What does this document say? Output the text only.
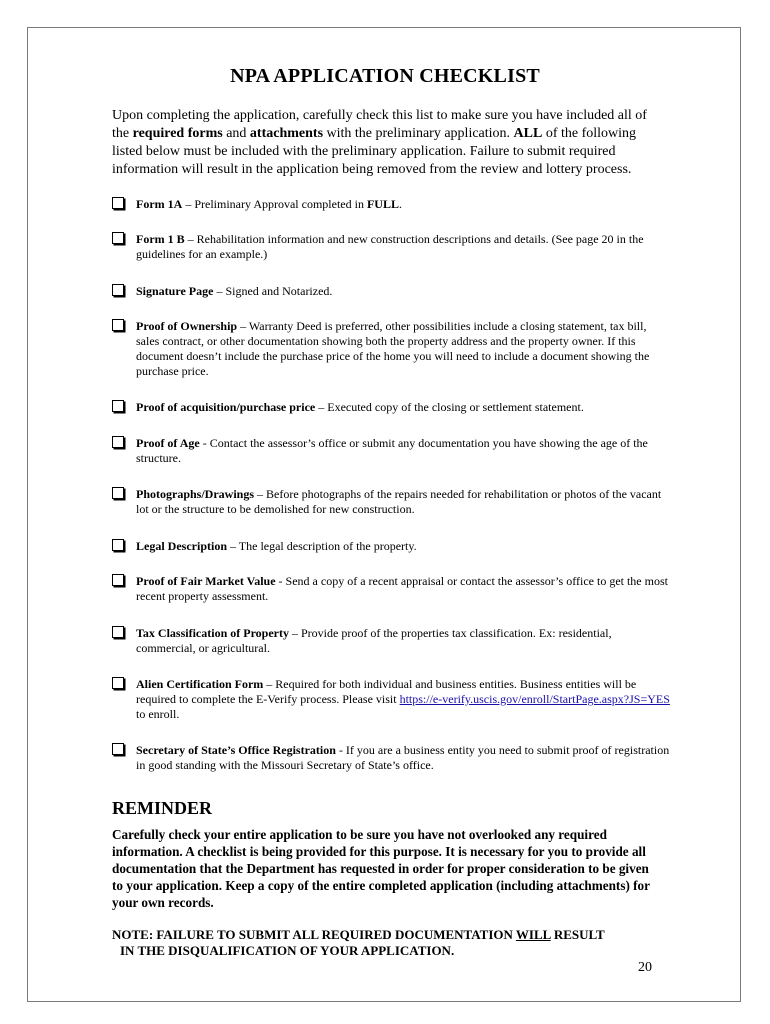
NPA APPLICATION CHECKLIST
Upon completing the application, carefully check this list to make sure you have included all of the required forms and attachments with the preliminary application. ALL of the following listed below must be included with the preliminary application. Failure to submit required information will result in the application being removed from the review and lottery process.
Form 1A – Preliminary Approval completed in FULL.
Form 1 B – Rehabilitation information and new construction descriptions and details. (See page 20 in the guidelines for an example.)
Signature Page – Signed and Notarized.
Proof of Ownership – Warranty Deed is preferred, other possibilities include a closing statement, tax bill, sales contract, or other documentation showing both the property address and the property owner. If this document doesn’t include the purchase price of the home you will need to include a document showing the purchase price.
Proof of acquisition/purchase price – Executed copy of the closing or settlement statement.
Proof of Age - Contact the assessor’s office or submit any documentation you have showing the age of the structure.
Photographs/Drawings – Before photographs of the repairs needed for rehabilitation or photos of the vacant lot or the structure to be demolished for new construction.
Legal Description – The legal description of the property.
Proof of Fair Market Value - Send a copy of a recent appraisal or contact the assessor’s office to get the most recent property assessment.
Tax Classification of Property – Provide proof of the properties tax classification. Ex: residential, commercial, or agricultural.
Alien Certification Form – Required for both individual and business entities. Business entities will be required to complete the E-Verify process. Please visit https://e-verify.uscis.gov/enroll/StartPage.aspx?JS=YES to enroll.
Secretary of State’s Office Registration - If you are a business entity you need to submit proof of registration in good standing with the Missouri Secretary of State’s office.
REMINDER
Carefully check your entire application to be sure you have not overlooked any required information. A checklist is being provided for this purpose. It is necessary for you to provide all documentation that the Department has requested in order for proper consideration to be given to your application. Keep a copy of the entire completed application (including attachments) for your own records.
NOTE: FAILURE TO SUBMIT ALL REQUIRED DOCUMENTATION WILL RESULT
IN THE DISQUALIFICATION OF YOUR APPLICATION.
20
